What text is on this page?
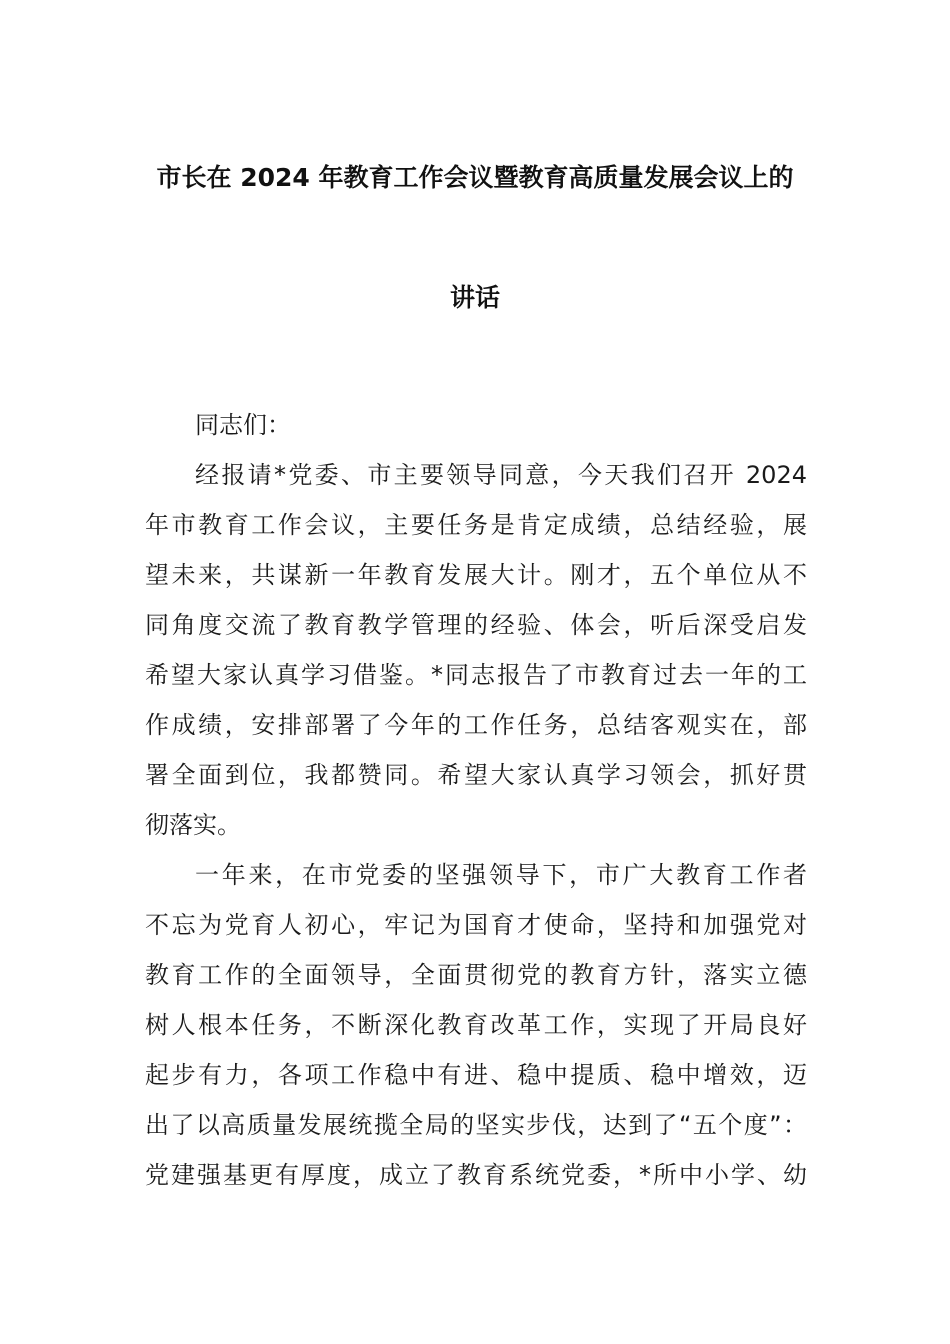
市长在 2024 年教育工作会议暨教育高质量发展会议上的
讲话
同志们：
经报请*党委、市主要领导同意，今天我们召开 2024
年市教育工作会议，主要任务是肯定成绩，总结经验，展
望未来，共谋新一年教育发展大计。刚才，五个单位从不
同角度交流了教育教学管理的经验、体会，听后深受启发
希望大家认真学习借鉴。*同志报告了市教育过去一年的工
作成绩，安排部署了今年的工作任务，总结客观实在，部
署全面到位，我都赞同。希望大家认真学习领会，抓好贯
彻落实。
一年来，在市党委的坚强领导下，市广大教育工作者
不忘为党育人初心，牢记为国育才使命，坚持和加强党对
教育工作的全面领导，全面贯彻党的教育方针，落实立德
树人根本任务，不断深化教育改革工作，实现了开局良好
起步有力，各项工作稳中有进、稳中提质、稳中增效，迈
出了以高质量发展统揽全局的坚实步伐，达到了“五个度”：
党建强基更有厚度，成立了教育系统党委，*所中小学、幼
